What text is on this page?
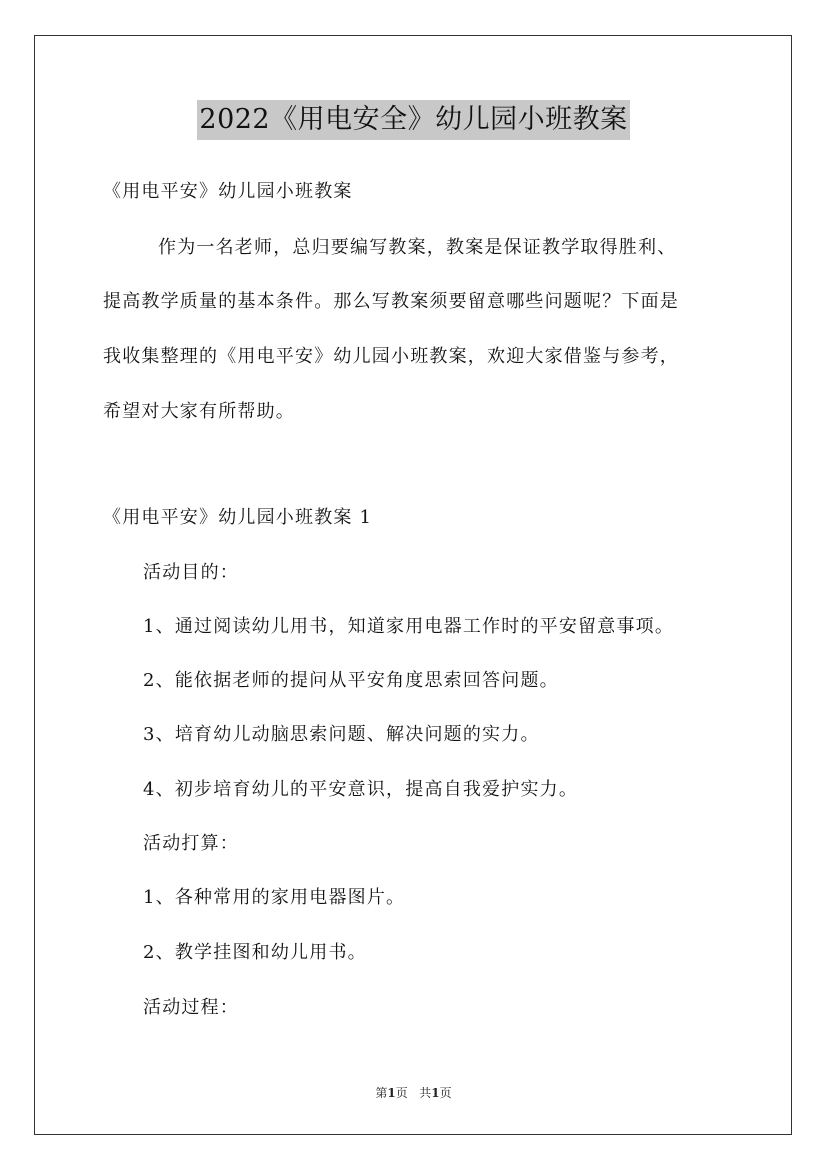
2022《用电安全》幼儿园小班教案
《用电平安》幼儿园小班教案
作为一名老师，总归要编写教案，教案是保证教学取得胜利、
提高教学质量的基本条件。那么写教案须要留意哪些问题呢？下面是
我收集整理的《用电平安》幼儿园小班教案，欢迎大家借鉴与参考，
希望对大家有所帮助。
《用电平安》幼儿园小班教案 1
活动目的：
1、通过阅读幼儿用书，知道家用电器工作时的平安留意事项。
2、能依据老师的提问从平安角度思索回答问题。
3、培育幼儿动脑思索问题、解决问题的实力。
4、初步培育幼儿的平安意识，提高自我爱护实力。
活动打算：
1、各种常用的家用电器图片。
2、教学挂图和幼儿用书。
活动过程：
第1页 共1页
